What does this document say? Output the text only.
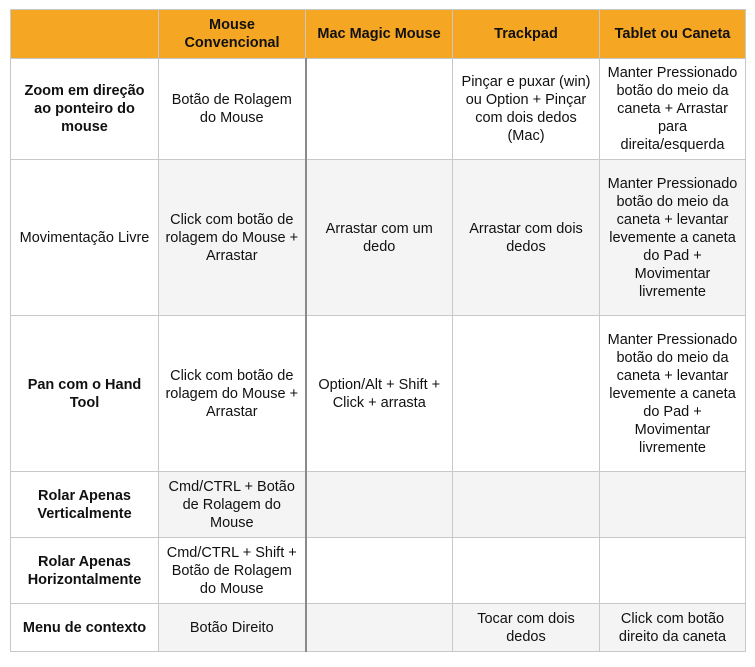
	Mouse Convencional	Mac Magic Mouse	Trackpad	Tablet ou Caneta
Zoom em direção ao ponteiro do mouse	Botão de Rolagem do Mouse		Pinçar e puxar (win) ou Option + Pinçar com dois dedos (Mac)	Manter Pressionado botão do meio da caneta + Arrastar para direita/esquerda
Movimentação Livre	Click com botão de rolagem do Mouse + Arrastar	Arrastar com um dedo	Arrastar com dois dedos	Manter Pressionado botão do meio da caneta + levantar levemente a caneta do Pad + Movimentar livremente
Pan com o Hand Tool	Click com botão de rolagem do Mouse + Arrastar	Option/Alt + Shift + Click + arrasta		Manter Pressionado botão do meio da caneta + levantar levemente a caneta do Pad + Movimentar livremente
Rolar Apenas Verticalmente	Cmd/CTRL + Botão de Rolagem do Mouse			
Rolar Apenas Horizontalmente	Cmd/CTRL + Shift + Botão de Rolagem do Mouse			
Menu de contexto	Botão Direito		Tocar com dois dedos	Click com botão direito da caneta
